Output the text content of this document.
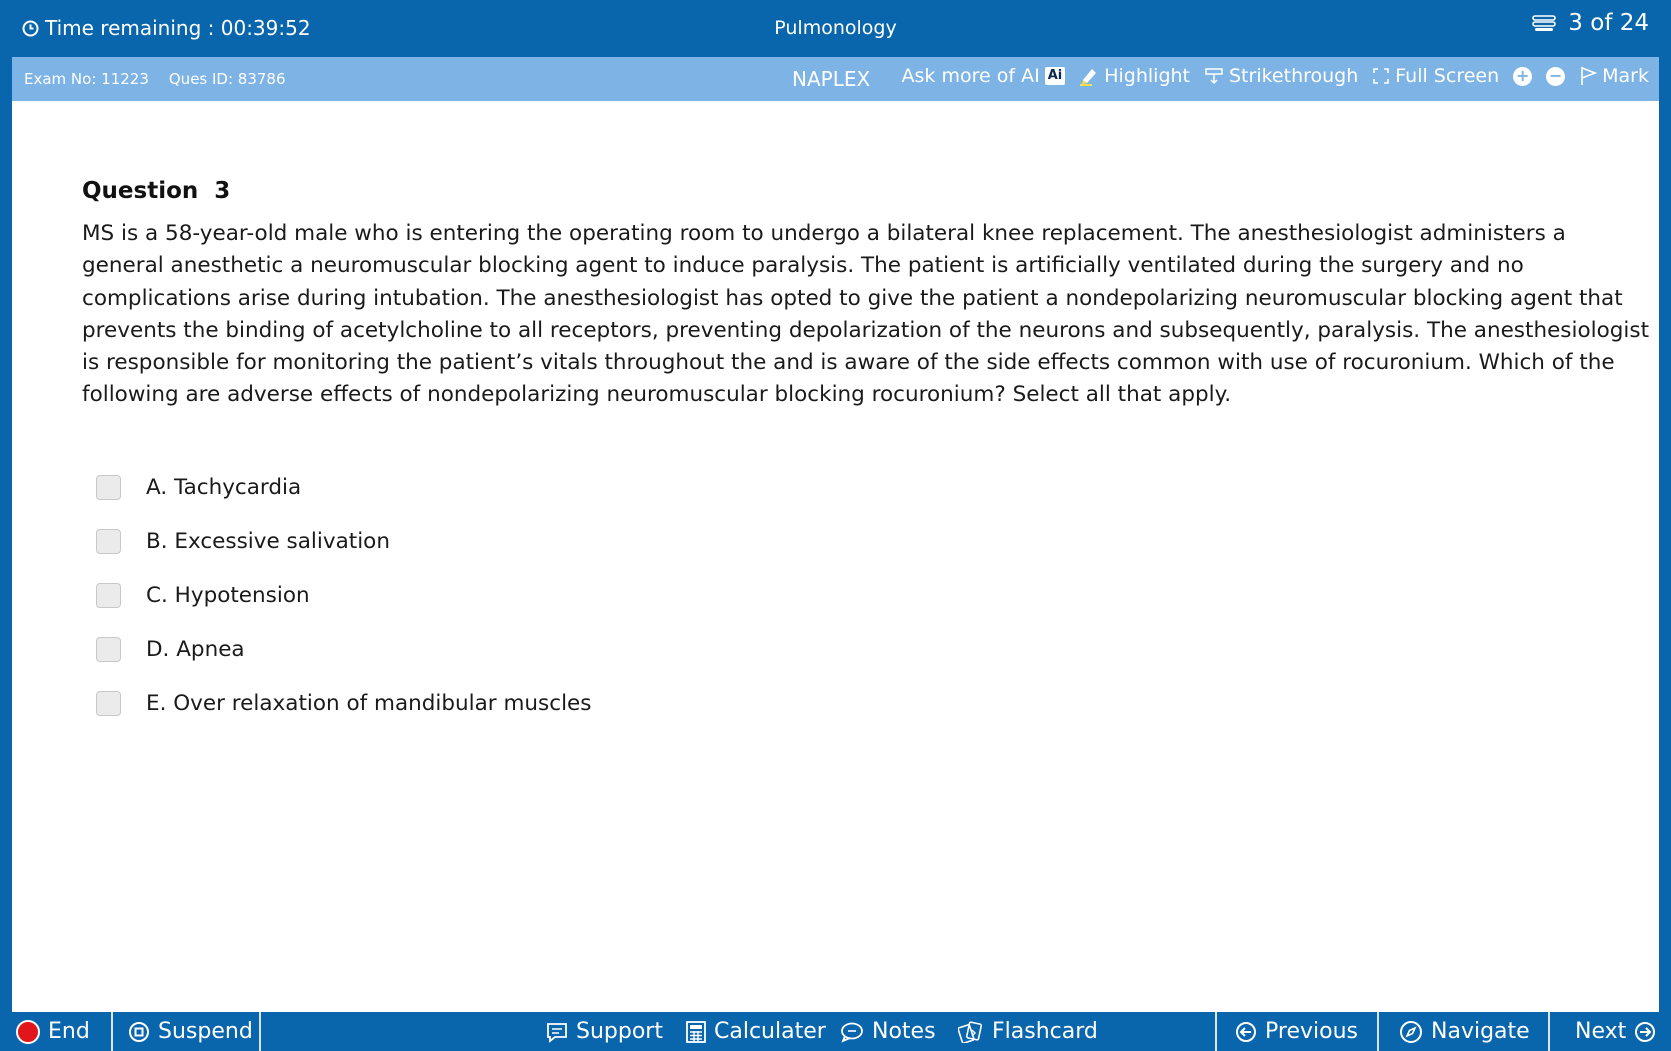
Time remaining : 00:39:52	Pulmonology	3 of 24
Exam No: 11223 Ques ID: 83786	NAPLEX Ask more of AI Ai Highlight Strikethrough Full Screen + − Mark
Question  3
MS is a 58-year-old male who is entering the operating room to undergo a bilateral knee replacement. The anesthesiologist administers a general anesthetic a neuromuscular blocking agent to induce paralysis. The patient is artificially ventilated during the surgery and no complications arise during intubation. The anesthesiologist has opted to give the patient a nondepolarizing neuromuscular blocking agent that prevents the binding of acetylcholine to all receptors, preventing depolarization of the neurons and subsequently, paralysis. The anesthesiologist is responsible for monitoring the patient’s vitals throughout the and is aware of the side effects common with use of rocuronium. Which of the following are adverse effects of nondepolarizing neuromuscular blocking rocuronium? Select all that apply.
A. Tachycardia
B. Excessive salivation
C. Hypotension
D. Apnea
E. Over relaxation of mandibular muscles
End	Suspend	Support Calculater Notes	Flashcard	Previous	Navigate Next
